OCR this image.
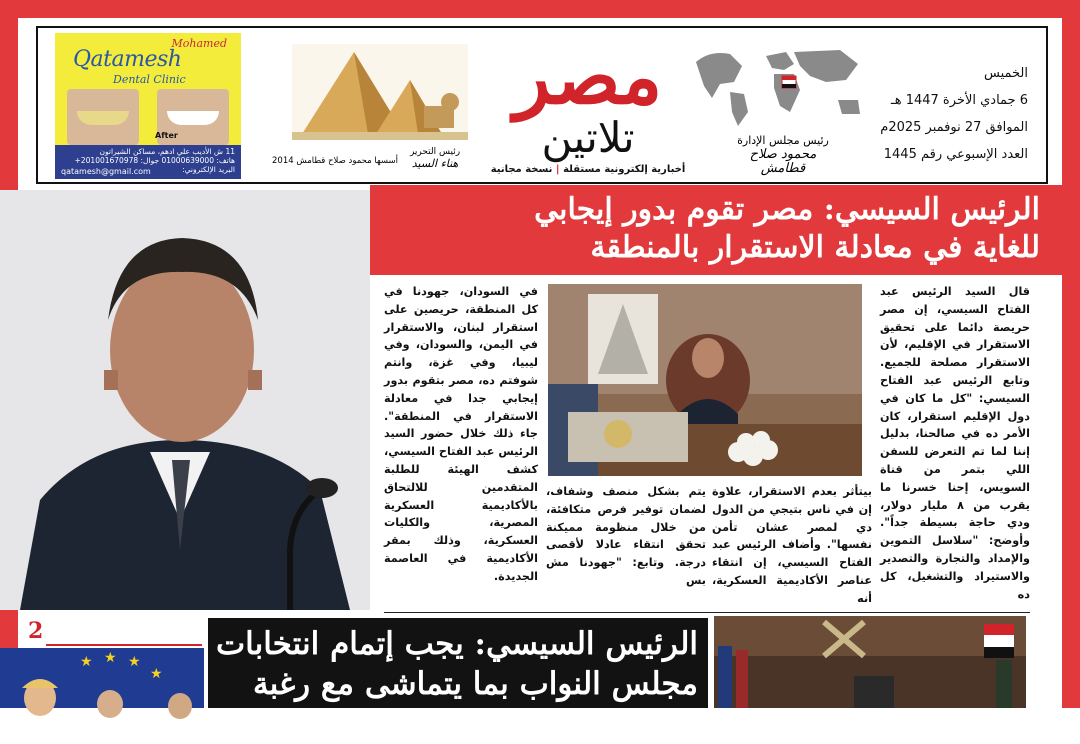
Mohamed
Qatamesh
Dental Clinic
After
11 ش الأديب علي ادهم، مساكن الشيراتون
هاتف: 01000639000 جوال: 201001670978+
البريد الإلكتروني:
qatamesh@gmail.com
مصر
تلاتين
أخبارية إلكترونية مستقلة | نسخة مجانية
رئيس مجلس الإدارة
محمود صلاح قطامش
رئيس التحرير
هناء السيد
أسسها محمود صلاح قطامش 2014
الخميس
6 جمادي الأخرة 1447 هـ
الموافق 27 نوفمبر 2025م
العدد الإسبوعي رقم 1445
الرئيس السيسي: مصر تقوم بدور إيجابي
للغاية في معادلة الاستقرار بالمنطقة
قال السيد الرئيس عبد الفتاح السيسي، إن مصر حريصة دائما على تحقيق الاستقرار في الإقليم، لأن الاستقرار مصلحة للجميع. وتابع الرئيس عبد الفتاح السيسي: "كل ما كان في دول الإقليم استقرار، كان الأمر ده في صالحنا، بدليل إننا لما تم التعرض للسفن اللي بتمر من قناة السويس، إحنا خسرنا ما يقرب من ٨ مليار دولار، ودي حاجة بسيطة جداً". وأوضح: "سلاسل التموين والإمداد والتجارة والتصدير والاستيراد والتشغيل، كل ده
بيتأثر بعدم الاستقرار، علاوة إن في ناس بتيجي من الدول دي لمصر عشان تأمن نفسها". وأضاف الرئيس عبد الفتاح السيسي، إن انتقاء عناصر الأكاديمية العسكرية، أنه
يتم بشكل منصف وشفاف، لضمان توفير فرص متكافئة، من خلال منظومة مميكنة تحقق انتقاء عادلا لأقصى درجة. وتابع: "جهودنا مش بس
في السودان، جهودنا في كل المنطقة، حريصين على استقرار لبنان، والاستقرار في اليمن، والسودان، وفي ليبيا، وفي غزة، وانتم شوفتم ده، مصر بتقوم بدور إيجابي جدا في معادلة الاستقرار في المنطقة". جاء ذلك خلال حضور السيد الرئيس عبد الفتاح السيسي، كشف الهيئة للطلبة المتقدمين للالتحاق بالأكاديمية العسكرية المصرية، والكليات العسكرية، وذلك بمقر الأكاديمية في العاصمة الجديدة.
2
★ ★ ★
★
الرئيس السيسي: يجب إتمام انتخابات
مجلس النواب بما يتماشى مع رغبة الشعب
